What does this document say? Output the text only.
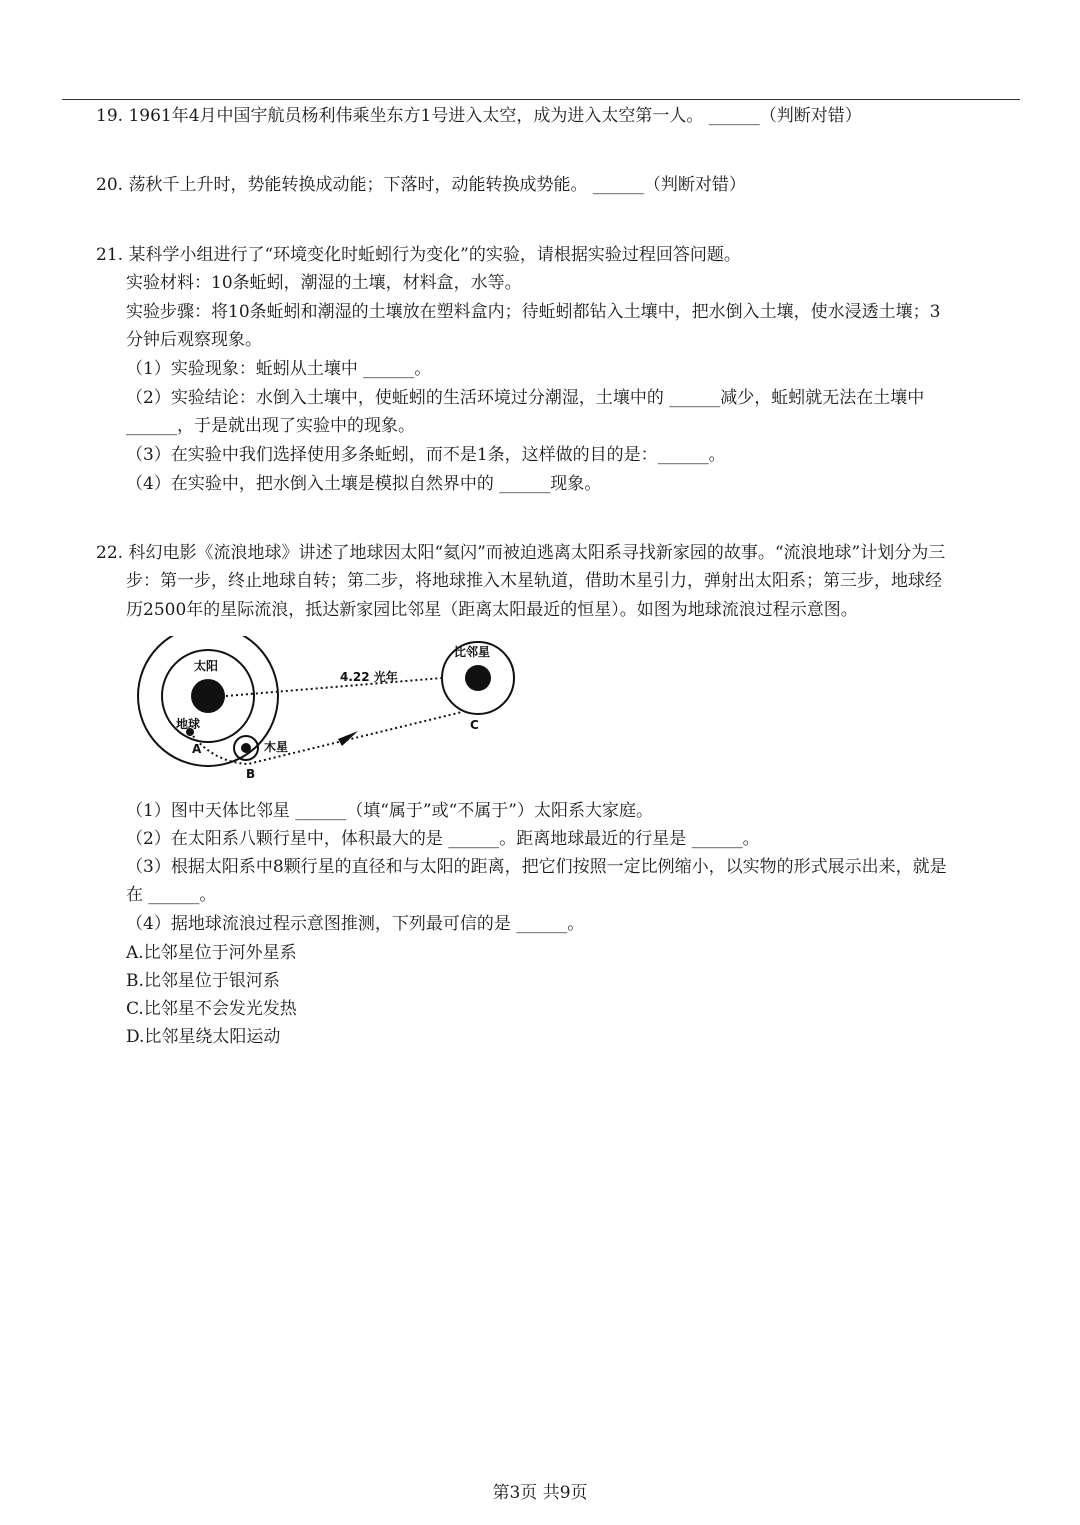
19. 1961年4月中国宇航员杨利伟乘坐东方1号进入太空，成为进入太空第一人。 ______（判断对错）
20. 荡秋千上升时，势能转换成动能；下落时，动能转换成势能。 ______（判断对错）
21. 某科学小组进行了“环境变化时蚯蚓行为变化”的实验，请根据实验过程回答问题。
实验材料：10条蚯蚓，潮湿的土壤，材料盒，水等。
实验步骤：将10条蚯蚓和潮湿的土壤放在塑料盒内；待蚯蚓都钻入土壤中，把水倒入土壤，使水浸透土壤；3
分钟后观察现象。
（1）实验现象：蚯蚓从土壤中 ______。
（2）实验结论：水倒入土壤中，使蚯蚓的生活环境过分潮湿，土壤中的 ______减少，蚯蚓就无法在土壤中
______，于是就出现了实验中的现象。
（3）在实验中我们选择使用多条蚯蚓，而不是1条，这样做的目的是：______。
（4）在实验中，把水倒入土壤是模拟自然界中的 ______现象。
22. 科幻电影《流浪地球》讲述了地球因太阳“氦闪”而被迫逃离太阳系寻找新家园的故事。“流浪地球”计划分为三
步：第一步，终止地球自转；第二步，将地球推入木星轨道，借助木星引力，弹射出太阳系；第三步，地球经
历2500年的星际流浪，抵达新家园比邻星（距离太阳最近的恒星）。如图为地球流浪过程示意图。
太阳
比邻星
4.22 光年
地球
A	木星
B
C
（1）图中天体比邻星 ______（填“属于”或“不属于”）太阳系大家庭。
（2）在太阳系八颗行星中，体积最大的是 ______。距离地球最近的行星是 ______。
（3）根据太阳系中8颗行星的直径和与太阳的距离，把它们按照一定比例缩小，以实物的形式展示出来，就是
在 ______。
（4）据地球流浪过程示意图推测，下列最可信的是 ______。
A.比邻星位于河外星系
B.比邻星位于银河系
C.比邻星不会发光发热
D.比邻星绕太阳运动
第3页 共9页
